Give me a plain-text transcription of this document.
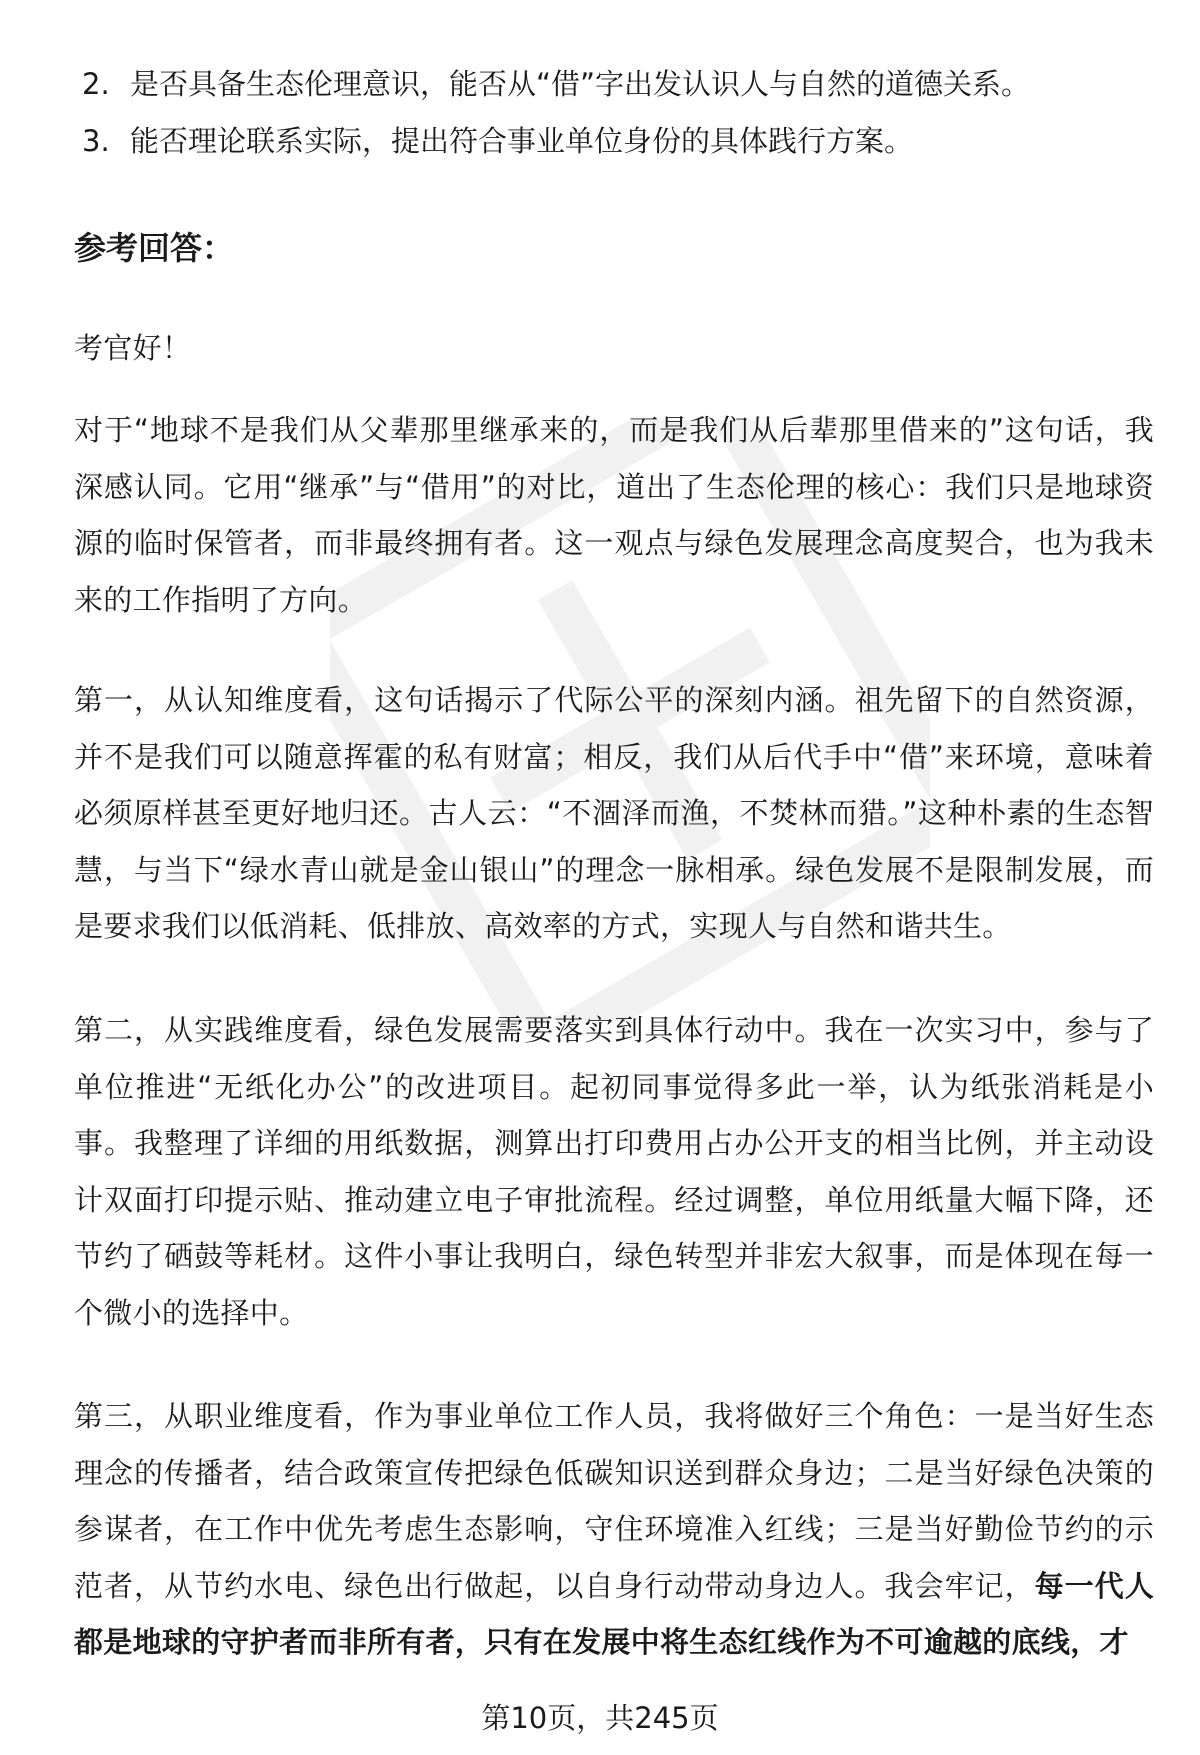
2. 是否具备生态伦理意识，能否从“借”字出发认识人与自然的道德关系。
3. 能否理论联系实际，提出符合事业单位身份的具体践行方案。
参考回答：

考官好！

对于“地球不是我们从父辈那里继承来的，而是我们从后辈那里借来的”这句话，我深感认同。它用“继承”与“借用”的对比，道出了生态伦理的核心：我们只是地球资源的临时保管者，而非最终拥有者。这一观点与绿色发展理念高度契合，也为我未来的工作指明了方向。

第一，从认知维度看，这句话揭示了代际公平的深刻内涵。祖先留下的自然资源，并不是我们可以随意挥霍的私有财富；相反，我们从后代手中“借”来环境，意味着必须原样甚至更好地归还。古人云：“不涸泽而渔，不焚林而猎。”这种朴素的生态智慧，与当下“绿水青山就是金山银山”的理念一脉相承。绿色发展不是限制发展，而是要求我们以低消耗、低排放、高效率的方式，实现人与自然和谐共生。

第二，从实践维度看，绿色发展需要落实到具体行动中。我在一次实习中，参与了单位推进“无纸化办公”的改进项目。起初同事觉得多此一举，认为纸张消耗是小事。我整理了详细的用纸数据，测算出打印费用占办公开支的相当比例，并主动设计双面打印提示贴、推动建立电子审批流程。经过调整，单位用纸量大幅下降，还节约了硒鼓等耗材。这件小事让我明白，绿色转型并非宏大叙事，而是体现在每一个微小的选择中。

第三，从职业维度看，作为事业单位工作人员，我将做好三个角色：一是当好生态理念的传播者，结合政策宣传把绿色低碳知识送到群众身边；二是当好绿色决策的参谋者，在工作中优先考虑生态影响，守住环境准入红线；三是当好勤俭节约的示范者，从节约水电、绿色出行做起，以自身行动带动身边人。我会牢记，每一代人都是地球的守护者而非所有者，只有在发展中将生态红线作为不可逾越的底线，才

第10页，共245页
